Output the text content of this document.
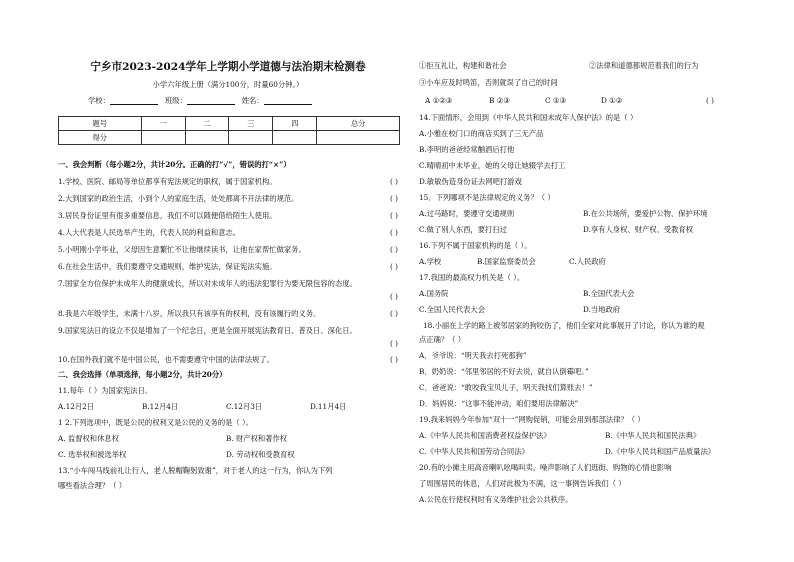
宁乡市2023-2024学年上学期小学道德与法治期末检测卷
小学六年级上册（满分100分，时量60分钟。）
学校：	班级：	姓名：
题号	一	二	三	四	总分
得分					
一、我会判断（每小题2分，共计20分。正确的打“√”，错误的打“×”）
1.学校、医院、邮局等单位都享有宪法规定的职权，属于国家机构。	( )
2.大到国家的政治生活，小到个人的家庭生活，处处都离不开法律的规范。	( )
3.居民身份证里有很多重要信息，我们不可以随便借给陌生人使用。	( )
4.人大代表是人民选举产生的，代表人民的利益和意志。	( )
5.小明刚小学毕业，父母因生意繁忙不让他继续读书，让他在家帮忙做家务。	( )
6.在社会生活中，我们要遵守交通规则，维护宪法，保证宪法实施。	( )
7.国家全方位保护未成年人的健康成长，所以对未成年人的违法犯罪行为要无限包容的态度。
( )
8.我是六年级学生，未满十八岁，所以我只有该享有的权利，没有该履行的义务。	( )
9.国家宪法日的设立不仅是增加了一个纪念日，更是全面开展宪法教育日、普及日、深化日。
( )
10.在国外我们就不是中国公民，也不需要遵守中国的法律法规了。	( )
二、我会选择（单项选择，每小题2分，共计20分）
11.每年（ ）为国家宪法日。
A.12月2日	B.12月4日	C.12月3日	D.11月4日
1 2.下列选项中，既是公民的权利又是公民的义务的是（ ）。
A. 监督权和休息权	B. 财产权和著作权
C. 选举权和被选举权	D. 劳动权和受教育权
13.“小车闯马线前礼让行人，老人脱帽鞠躬致谢”，对于老人的这一行为，你认为下列
哪些看法合理？（ ）
①拒互礼让，构建和谐社会	②法律和道德都规范着我们的行为
③小车应及时鸣笛，否则就误了自己的时间
A ①②③	B ②③	C ①③	D ①②	( )
14.下面情形，会用到《中华人民共和国未成年人保护法》的是（ ）
A.小雅在校门口的商店买到了三无产品
B.李明的爸爸经常酗酒后打他
C.晴晴初中未毕业，她的父母让她辍学去打工
D.敏敏伪造身份证去网吧打游戏
15．下列哪项不是法律规定的义务？（ ）
A.过马路时，要遵守交通规则	B.在公共场所，要爱护公物、保护环境
C.做了别人东西，要打扫过	D.享有人身权、财产权、受教育权
16.下列不属于国家机构的是（ ）。
A.学校	B.国家监察委员会	C.人民政府
17.我国的最高权力机关是（ ）。
A.国务院	B.全国代表大会
C.全国人民代表大会	D.当地政府
18.小丽在上学的路上被邻居家的狗咬伤了，他们全家对此事展开了讨论，你认为谁的观
点正确？（ ）
A．爷爷说：“明天我去打死那狗”
B．奶奶说：“邻里邻居的不好去说，就自认倒霉吧。”
C．爸爸说：“敢咬我宝贝儿子，明天我找们算账去！”
D．妈妈说：“这事不能冲动，咱们要用法律解决”
19.我来妈妈今年参加“双十一”网购促销，可能会用到那部法律？（ ）
A.《中华人民共和国消费者权益保护法》	B.《中华人民共和国民法典》
C.《中华人民共和国劳动合同法》	D.《中华人民共和国产品质量法》
20.有的小摊主用高音喇叭吆喝叫卖，噪声影响了人们逛街、购物的心情也影响
了周围居民的休息，人们对此极为不满，这一事例告诉我们（ ）
A.公民在行使权利时有义务维护社会公共秩序。
